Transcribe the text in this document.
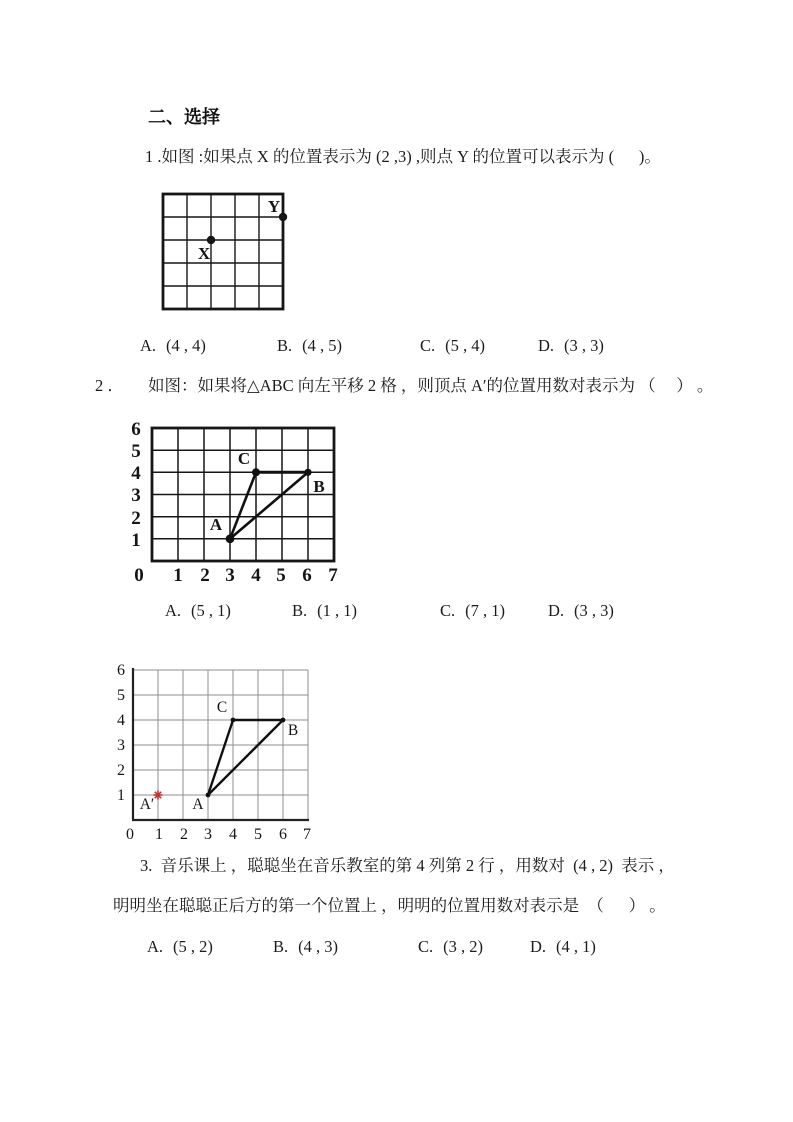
二、选择
1 .如图 :如果点 X 的位置表示为 (2 ,3) ,则点 Y 的位置可以表示为 (      )。
X
Y
A. (4 , 4)	B. (4 , 5)	C. (5 , 4)	D. (3 , 3)
2 ． 如图：如果将△ABC 向左平移 2 格 ，则顶点 A′的位置用数对表示为 （     ） 。
A
B
C
6
5
4
3
2
1
0 1 2 3 4 5 6 7
A. (5 , 1)	B. (1 , 1)	C. (7 , 1)	D. (3 , 3)
A
B
C
A′
6
5
4
3
2
1
0 1 2 3 4 5 6 7
3.  音乐课上 ，聪聪坐在音乐教室的第 4 列第 2 行 ，用数对  (4 , 2)  表示 ，
明明坐在聪聪正后方的第一个位置上 ，明明的位置用数对表示是  （      ） 。
A. (5 , 2)	B. (4 , 3)	C. (3 , 2)	D. (4 , 1)
